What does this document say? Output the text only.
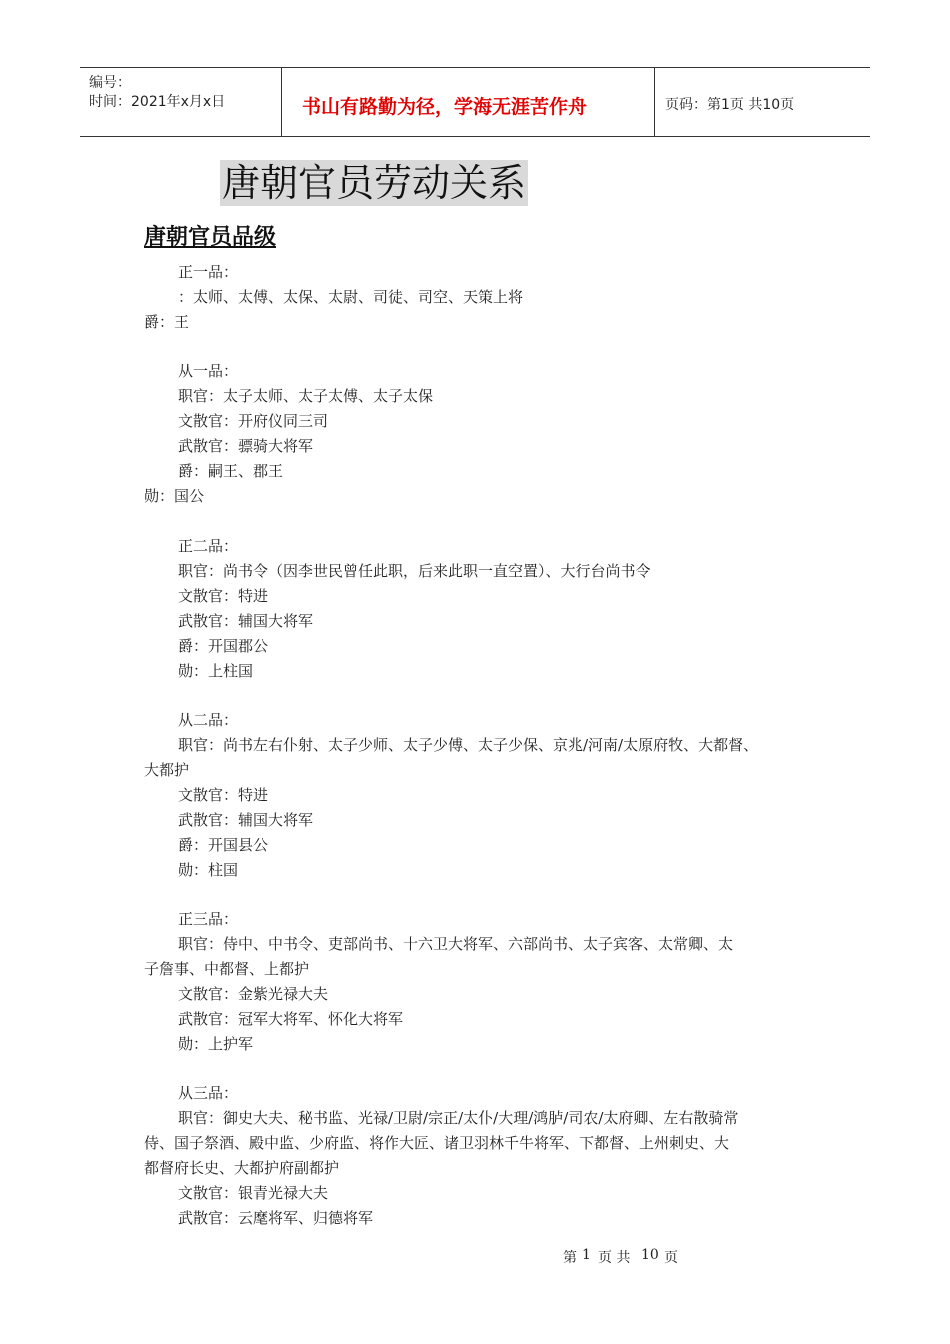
编号：
时间：2021年x月x日	书山有路勤为径，学海无涯苦作舟	页码：第1页 共10页
唐朝官员劳动关系
唐朝官员品级
正一品：
：太师、太傅、太保、太尉、司徒、司空、天策上将
爵：王
从一品：
职官：太子太师、太子太傅、太子太保
文散官：开府仪同三司
武散官：骠骑大将军
爵：嗣王、郡王
勋：国公
正二品：
职官：尚书令（因李世民曾任此职，后来此职一直空置）、大行台尚书令
文散官：特进
武散官：辅国大将军
爵：开国郡公
勋：上柱国
从二品：
职官：尚书左右仆射、太子少师、太子少傅、太子少保、京兆/河南/太原府牧、大都督、
大都护
文散官：特进
武散官：辅国大将军
爵：开国县公
勋：柱国
正三品：
职官：侍中、中书令、吏部尚书、十六卫大将军、六部尚书、太子宾客、太常卿、太
子詹事、中都督、上都护
文散官：金紫光禄大夫
武散官：冠军大将军、怀化大将军
勋：上护军
从三品：
职官：御史大夫、秘书监、光禄/卫尉/宗正/太仆/大理/鸿胪/司农/太府卿、左右散骑常
侍、国子祭酒、殿中监、少府监、将作大匠、诸卫羽林千牛将军、下都督、上州刺史、大
都督府长史、大都护府副都护
文散官：银青光禄大夫
武散官：云麾将军、归德将军
第 1 页 共 10 页
